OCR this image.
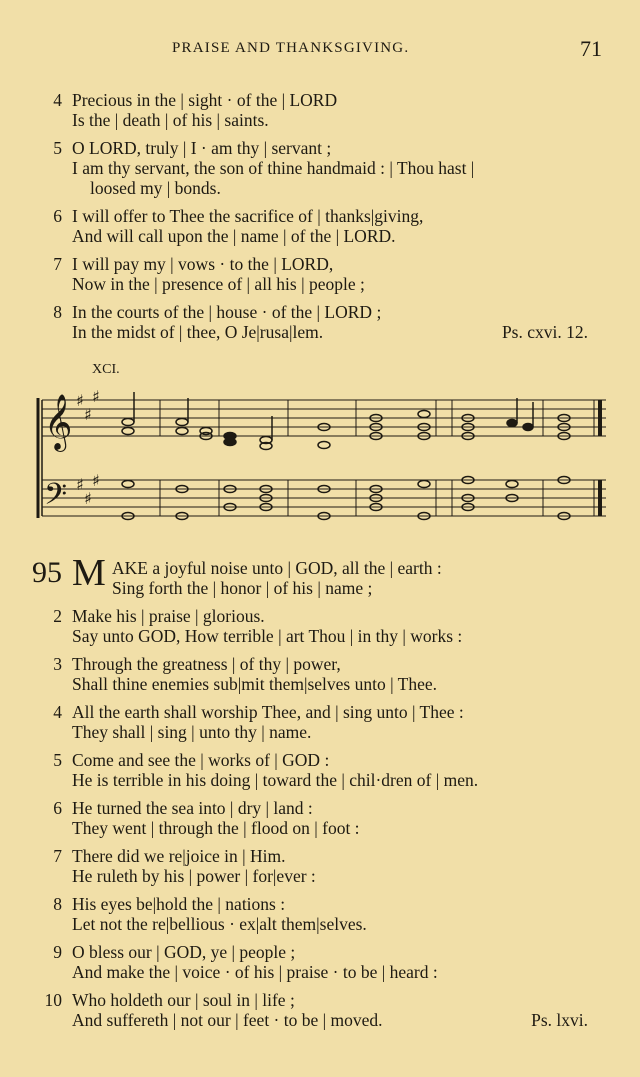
PRAISE AND THANKSGIVING.	71
4 Precious in the | sight · of the | LORD
Is the | death | of his | saints.
5 O LORD, truly | I · am thy | servant ;
I am thy servant, the son of thine handmaid : | Thou hast |
loosed my | bonds.
6 I will offer to Thee the sacrifice of | thanks|giving,
And will call upon the | name | of the | LORD.
7 I will pay my | vows · to the | LORD,
Now in the | presence of | all his | people ;
8 In the courts of the | house · of the | LORD ;
In the midst of | thee, O Je|rusa|lem.	Ps. cxvi. 12.
XCI.
𝄞
𝄢
♯
♯
♯
♯
♯
♯
95 M AKE a joyful noise unto | GOD, all the | earth :
Sing forth the | honor | of his | name ;
2 Make his | praise | glorious.
Say unto GOD, How terrible | art Thou | in thy | works :
3 Through the greatness | of thy | power,
Shall thine enemies sub|mit them|selves unto | Thee.
4 All the earth shall worship Thee, and | sing unto | Thee :
They shall | sing | unto thy | name.
5 Come and see the | works of | GOD :
He is terrible in his doing | toward the | chil·dren of | men.
6 He turned the sea into | dry | land :
They went | through the | flood on | foot :
7 There did we re|joice in | Him.
He ruleth by his | power | for|ever :
8 His eyes be|hold the | nations :
Let not the re|bellious · ex|alt them|selves.
9 O bless our | GOD, ye | people ;
And make the | voice · of his | praise · to be | heard :
10 Who holdeth our | soul in | life ;
And suffereth | not our | feet · to be | moved.	Ps. lxvi.
